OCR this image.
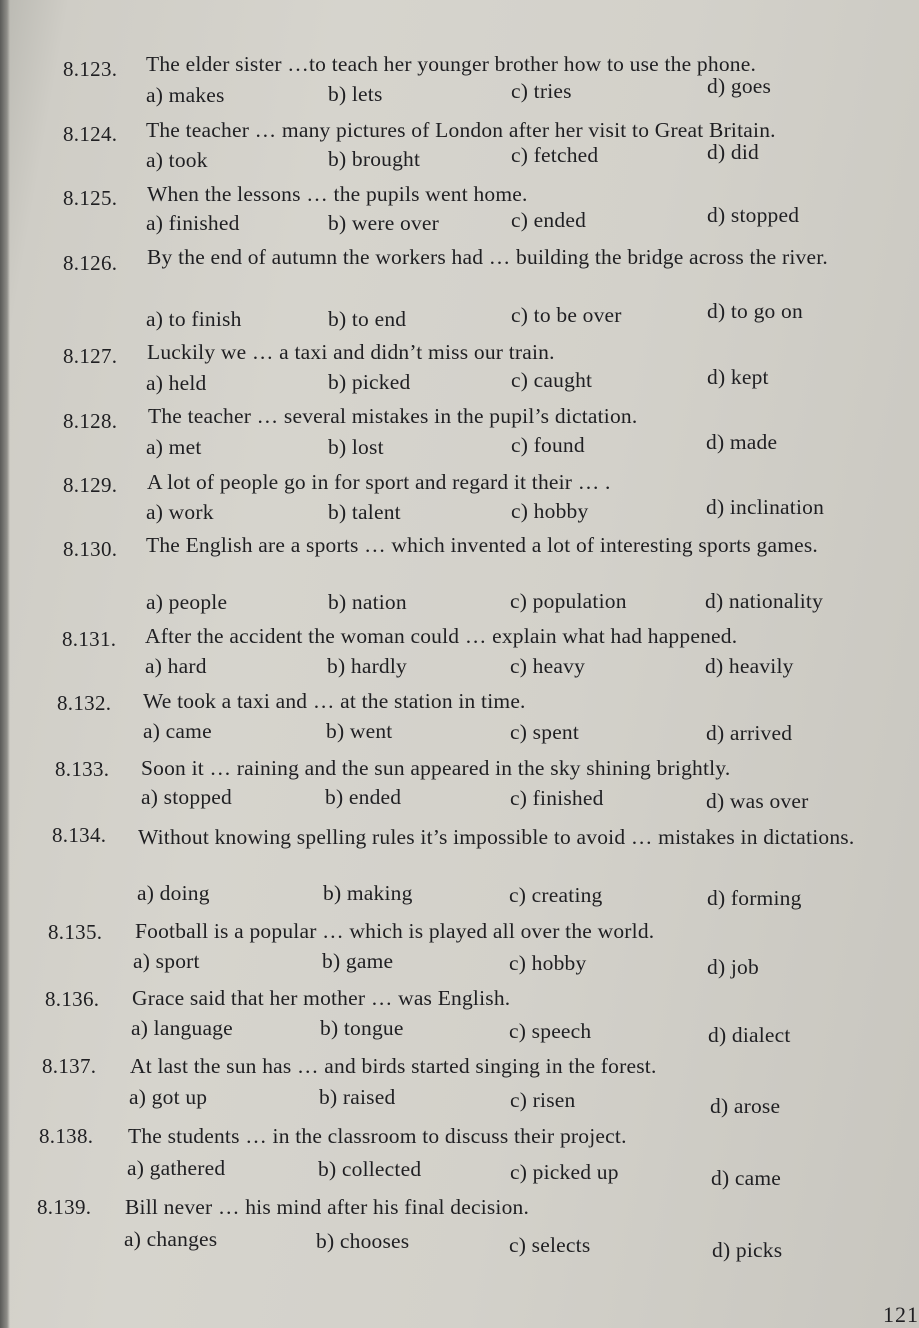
8.123. The elder sister …to teach her younger brother how to use the phone.
a) makes	b) lets	c) tries	d) goes
8.124. The teacher … many pictures of London after her visit to Great Britain.
a) took	b) brought	c) fetched	d) did
8.125. When the lessons … the pupils went home.
a) finished	b) were over	c) ended	d) stopped
8.126. By the end of autumn the workers had … building the bridge across the river.
a) to finish	b) to end	c) to be over	d) to go on
8.127. Luckily we … a taxi and didn’t miss our train.
a) held	b) picked	c) caught	d) kept
8.128. The teacher … several mistakes in the pupil’s dictation.
a) met	b) lost	c) found	d) made
8.129. A lot of people go in for sport and regard it their … .
a) work	b) talent	c) hobby	d) inclination
8.130. The English are a sports … which invented a lot of interesting sports games.
a) people	b) nation	c) population	d) nationality
8.131. After the accident the woman could … explain what had happened.
a) hard	b) hardly	c) heavy	d) heavily
8.132. We took a taxi and … at the station in time.
a) came	b) went	c) spent	d) arrived
8.133. Soon it … raining and the sun appeared in the sky shining brightly.
a) stopped	b) ended	c) finished	d) was over
8.134. Without knowing spelling rules it’s impossible to avoid … mistakes in dictations.
a) doing	b) making	c) creating	d) forming
8.135. Football is a popular … which is played all over the world.
a) sport	b) game	c) hobby	d) job
8.136. Grace said that her mother … was English.
a) language	b) tongue	c) speech	d) dialect
8.137. At last the sun has … and birds started singing in the forest.
a) got up	b) raised	c) risen	d) arose
8.138. The students … in the classroom to discuss their project.
a) gathered	b) collected	c) picked up	d) came
8.139. Bill never … his mind after his final decision.
a) changes	b) chooses	c) selects	d) picks
121
